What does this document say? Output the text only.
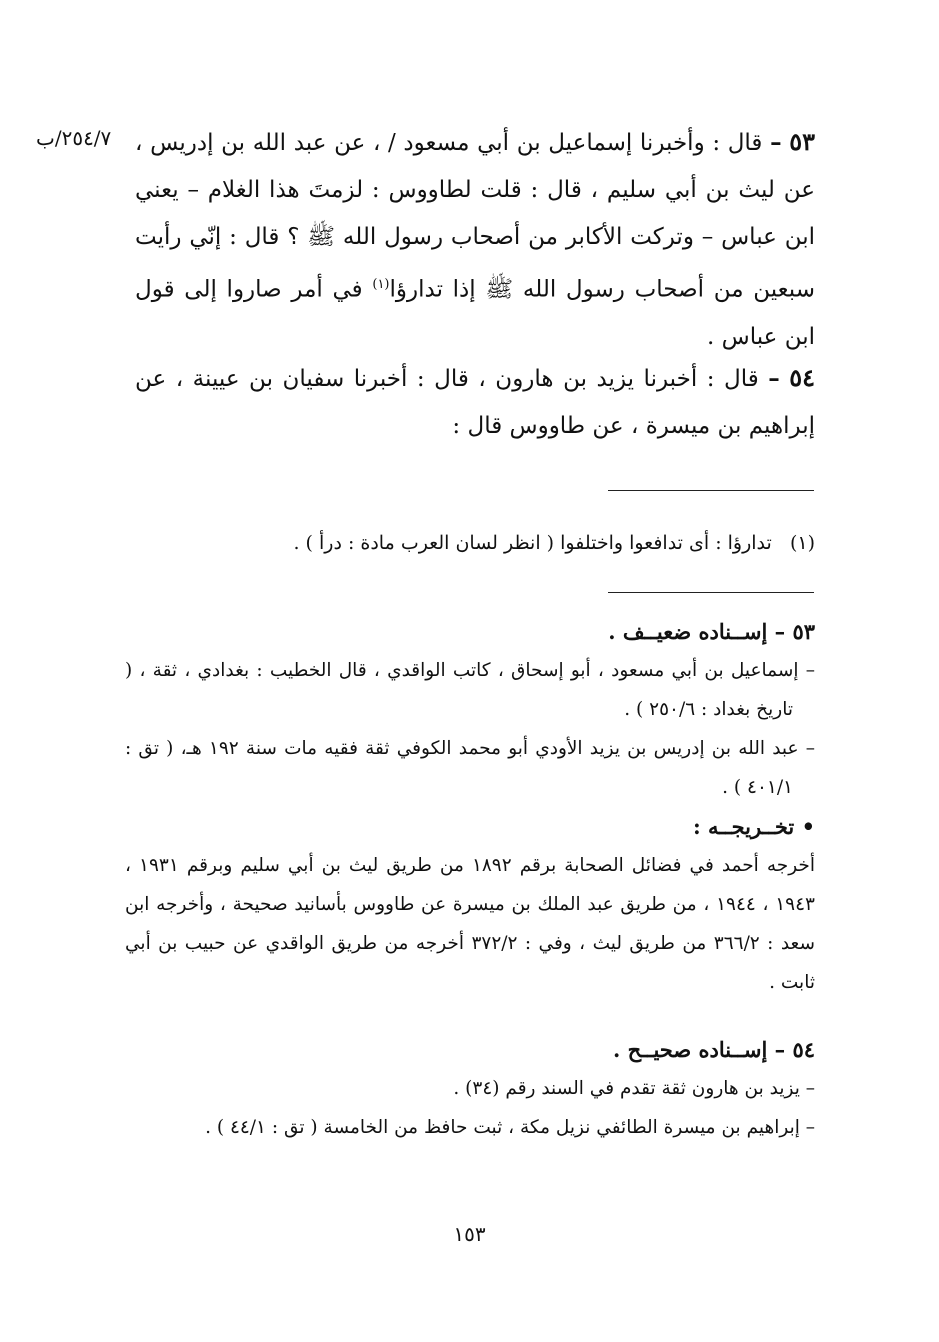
٢٥٤/٧/ب	٥٣ – قال : وأخبرنا إسماعيل بن أبي مسعود / ، عن عبد الله بن إدريس ، عن ليث بن أبي سليم ، قال : قلت لطاووس : لزمتَ هذا الغلام – يعني ابن عباس – وتركت الأكابر من أصحاب رسول الله ﷺ ؟ قال : إنّي رأيت سبعين من أصحاب رسول الله ﷺ إذا تدارؤا$^{(١)}$ في أمر صاروا إلى قول ابن عباس .

٥٤ – قال : أخبرنا يزيد بن هارون ، قال : أخبرنا سفيان بن عيينة ، عن إبراهيم بن ميسرة ، عن طاووس قال :

(١)   تدارؤا : أى تدافعوا واختلفوا ( انظر لسان العرب مادة : درأ ) .

٥٣ – إســناده ضعيــف .

– إسماعيل بن أبي مسعود ، أبو إسحاق ، كاتب الواقدي ، قال الخطيب : بغدادي ، ثقة ، ( تاريخ بغداد : ٢٥٠/٦ ) .

– عبد الله بن إدريس بن يزيد الأودي أبو محمد الكوفي ثقة فقيه مات سنة ١٩٢ هـ، ( تق : ٤٠١/١ ) .

• تخــريجــه :

أخرجه أحمد في فضائل الصحابة برقم ١٨٩٢ من طريق ليث بن أبي سليم وبرقم ١٩٣١ ، ١٩٤٣ ، ١٩٤٤ ، من طريق عبد الملك بن ميسرة عن طاووس بأسانيد صحيحة ، وأخرجه ابن سعد : ٣٦٦/٢ من طريق ليث ، وفي : ٣٧٢/٢ أخرجه من طريق الواقدي عن حبيب بن أبي ثابت .

٥٤ – إســناده صحيــح .

– يزيد بن هارون ثقة تقدم في السند رقم (٣٤) .

– إبراهيم بن ميسرة الطائفي نزيل مكة ، ثبت حافظ من الخامسة ( تق : ٤٤/١ ) .

١٥٣
